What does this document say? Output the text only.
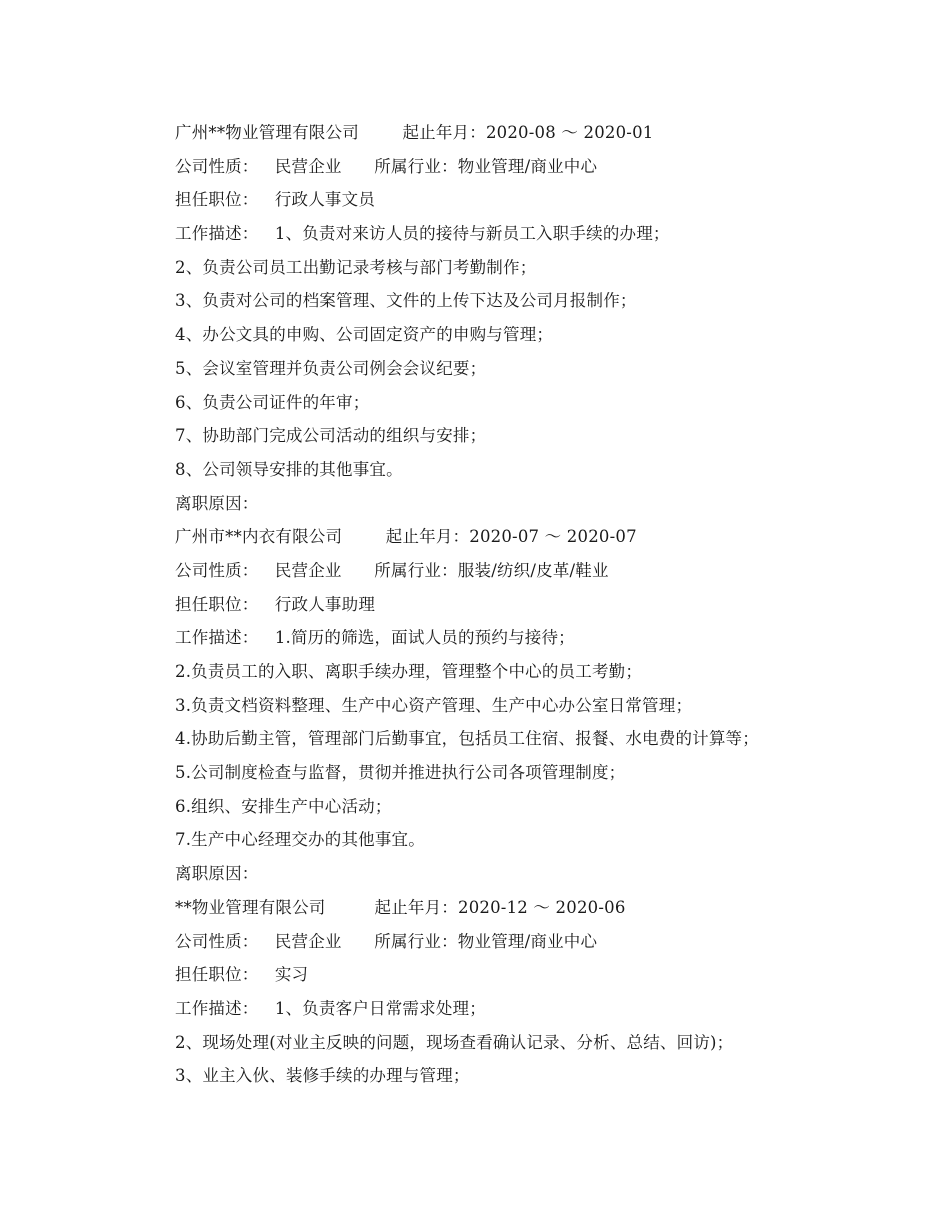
广州**物业管理有限公司        起止年月：2020-08 ～ 2020-01
公司性质：   民营企业      所属行业：物业管理/商业中心
担任职位：   行政人事文员
工作描述：   1、负责对来访人员的接待与新员工入职手续的办理；
2、负责公司员工出勤记录考核与部门考勤制作；
3、负责对公司的档案管理、文件的上传下达及公司月报制作；
4、办公文具的申购、公司固定资产的申购与管理；
5、会议室管理并负责公司例会会议纪要；
6、负责公司证件的年审；
7、协助部门完成公司活动的组织与安排；
8、公司领导安排的其他事宜。
离职原因：
广州市**内衣有限公司        起止年月：2020-07 ～ 2020-07
公司性质：   民营企业      所属行业：服装/纺织/皮革/鞋业
担任职位：   行政人事助理
工作描述：   1.简历的筛选，面试人员的预约与接待；
2.负责员工的入职、离职手续办理，管理整个中心的员工考勤；
3.负责文档资料整理、生产中心资产管理、生产中心办公室日常管理；
4.协助后勤主管，管理部门后勤事宜，包括员工住宿、报餐、水电费的计算等；
5.公司制度检查与监督，贯彻并推进执行公司各项管理制度；
6.组织、安排生产中心活动；
7.生产中心经理交办的其他事宜。
离职原因：
**物业管理有限公司         起止年月：2020-12 ～ 2020-06
公司性质：   民营企业      所属行业：物业管理/商业中心
担任职位：   实习
工作描述：   1、负责客户日常需求处理；
2、现场处理(对业主反映的问题，现场查看确认记录、分析、总结、回访)；
3、业主入伙、装修手续的办理与管理；
